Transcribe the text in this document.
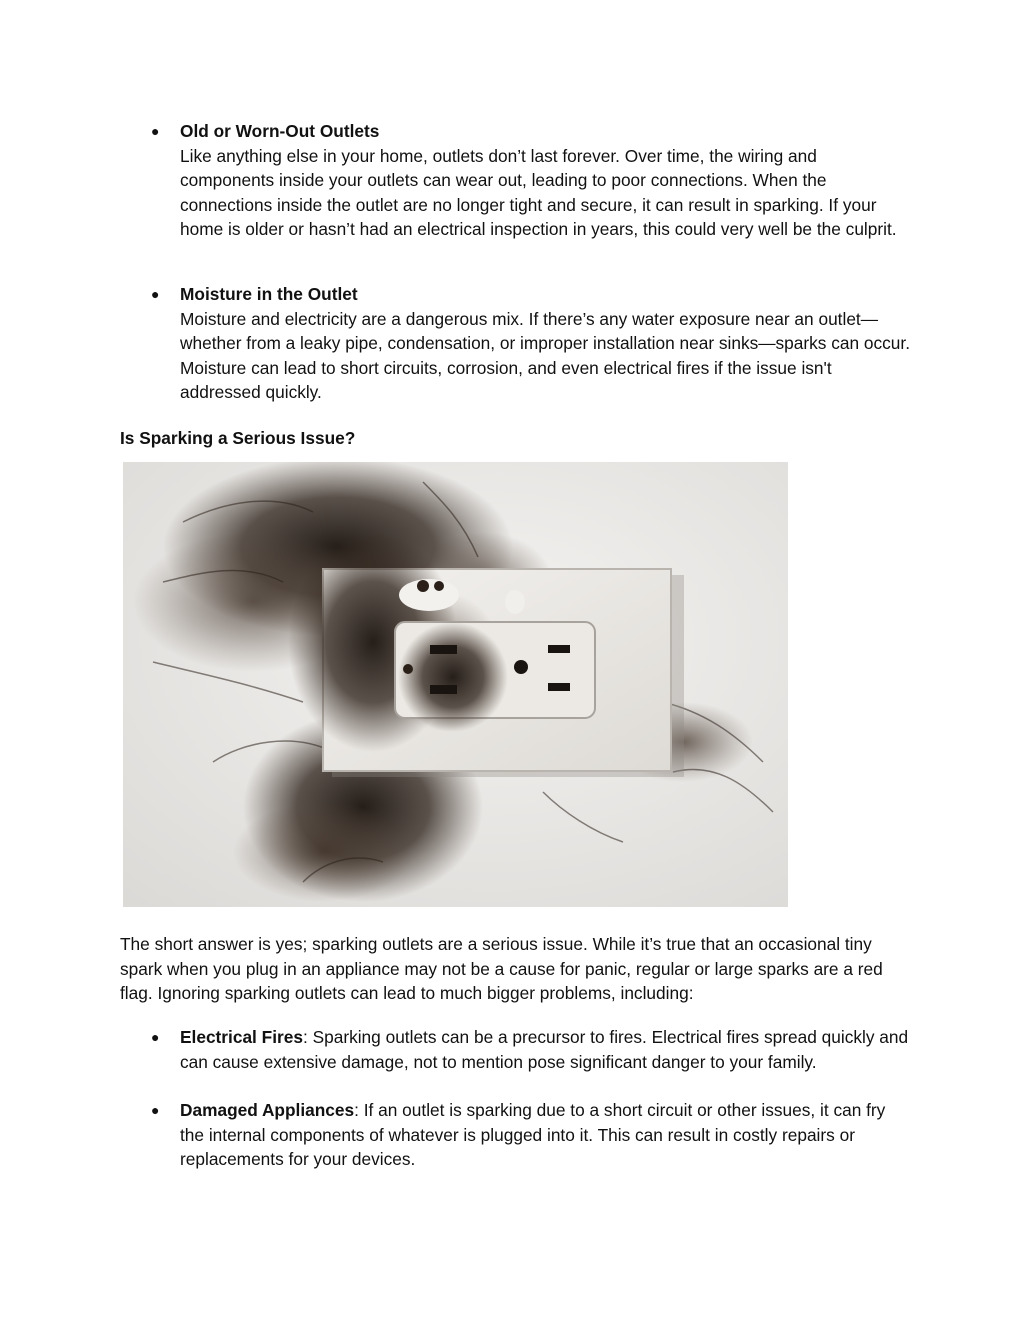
●	Old or Worn-Out Outlets
Like anything else in your home, outlets don’t last forever. Over time, the wiring and components inside your outlets can wear out, leading to poor connections. When the connections inside the outlet are no longer tight and secure, it can result in sparking. If your home is older or hasn’t had an electrical inspection in years, this could very well be the culprit.
●	Moisture in the Outlet
Moisture and electricity are a dangerous mix. If there’s any water exposure near an outlet—whether from a leaky pipe, condensation, or improper installation near sinks—sparks can occur. Moisture can lead to short circuits, corrosion, and even electrical fires if the issue isn't addressed quickly.
Is Sparking a Serious Issue?
The short answer is yes; sparking outlets are a serious issue. While it’s true that an occasional tiny spark when you plug in an appliance may not be a cause for panic, regular or large sparks are a red flag. Ignoring sparking outlets can lead to much bigger problems, including:
●	Electrical Fires: Sparking outlets can be a precursor to fires. Electrical fires spread quickly and can cause extensive damage, not to mention pose significant danger to your family.
●	Damaged Appliances: If an outlet is sparking due to a short circuit or other issues, it can fry the internal components of whatever is plugged into it. This can result in costly repairs or replacements for your devices.
